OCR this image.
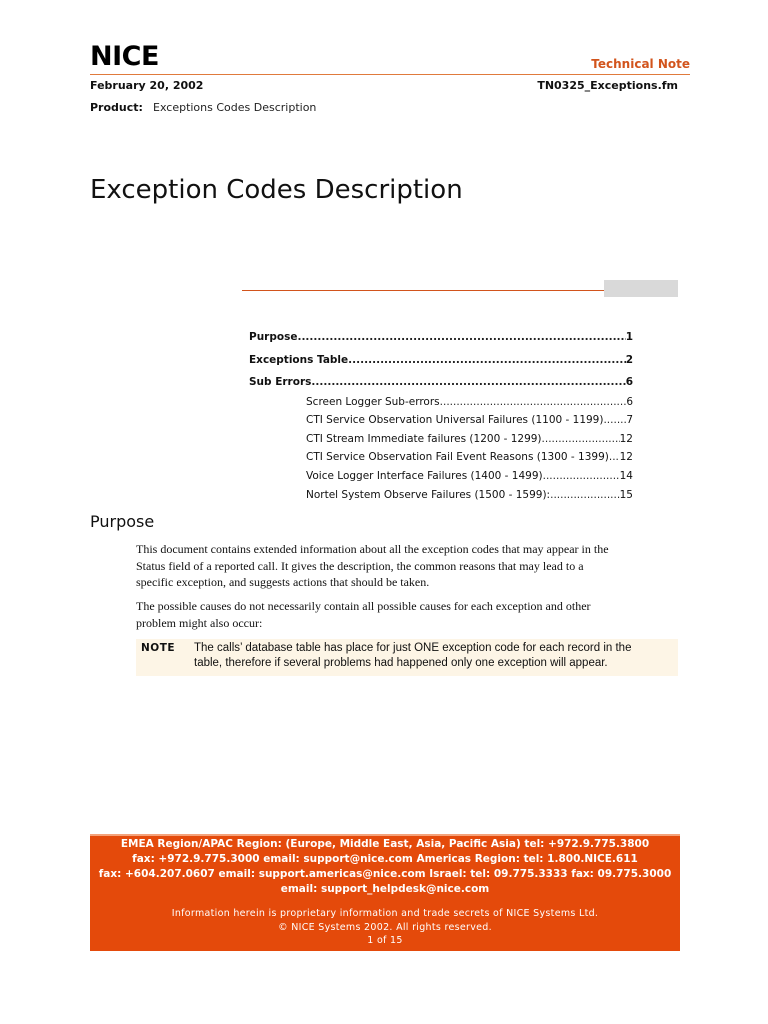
NICE	Technical Note
February 20, 2002	TN0325_Exceptions.fm
Product: Exceptions Codes Description
Exception Codes Description
Purpose .....	1
Exceptions Table .....	2
Sub Errors .....	6
Screen Logger Sub-errors .....	6
CTI Service Observation Universal Failures (1100 - 1199) ..... 7
CTI Stream Immediate failures (1200 - 1299) .....	12
CTI Service Observation Fail Event Reasons (1300 - 1399) ..... 12
Voice Logger Interface Failures (1400 - 1499) .....	14
Nortel System Observe Failures (1500 - 1599): .....	15
Purpose
This document contains extended information about all the exception codes that may appear in the
Status field of a reported call. It gives the description, the common reasons that may lead to a
specific exception, and suggests actions that should be taken.
The possible causes do not necessarily contain all possible causes for each exception and other
problem might also occur:
NOTE The calls’ database table has place for just ONE exception code for each record in the
table, therefore if several problems had happened only one exception will appear.
EMEA Region/APAC Region: (Europe, Middle East, Asia, Pacific Asia) tel: +972.9.775.3800
fax: +972.9.775.3000 email: support@nice.com Americas Region: tel: 1.800.NICE.611
fax: +604.207.0607 email: support.americas@nice.com Israel: tel: 09.775.3333 fax: 09.775.3000
email: support_helpdesk@nice.com
Information herein is proprietary information and trade secrets of NICE Systems Ltd.
© NICE Systems 2002. All rights reserved.
1 of 15
